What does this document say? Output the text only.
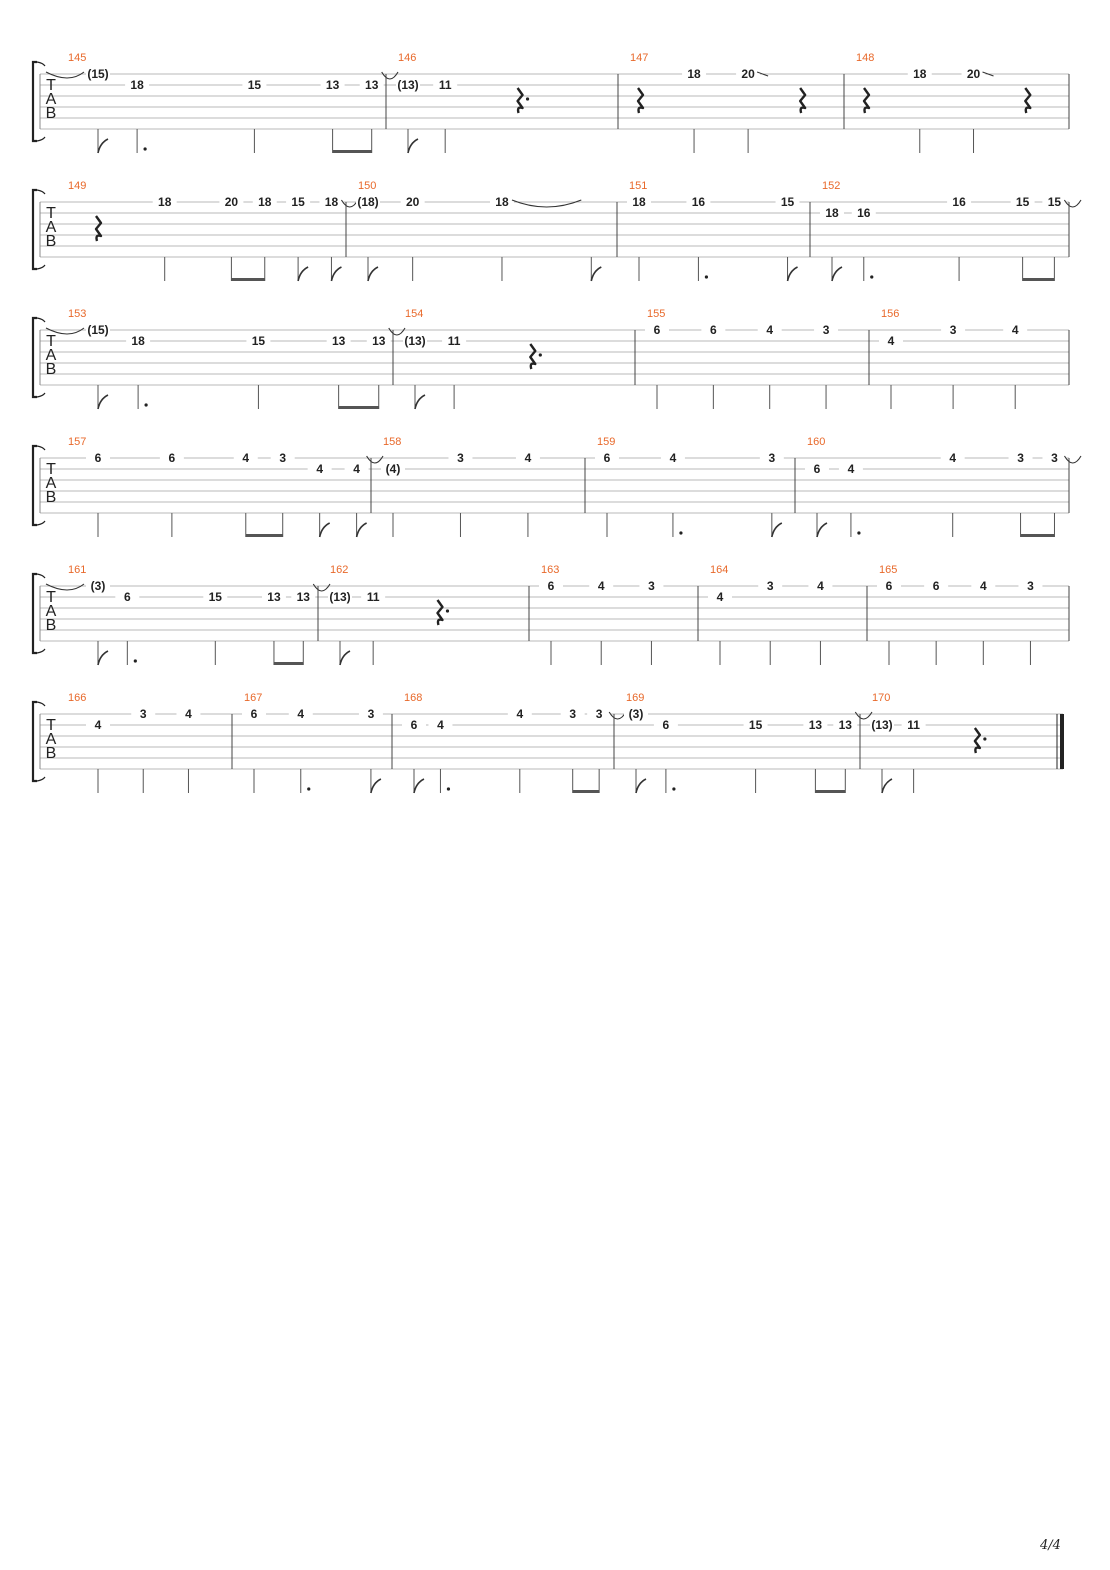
T
A
B
145
(15)
18	15	13 13
146
(13) 11
147
18	20
148
18	20
T
A
B
149
18	20 18 15 18
150
(18) 20	18
151
18	16	15
152
18 16
16	15 15
T
A
B
153
(15)
18	15	13 13
154
(13) 11
155
6	6	4	3
156
4
3	4
T
A
B
157
6	6	4	3
4	4
158
(4)
3	4
159
6	4	3
160
6 4
4	3 3
T
A
B
161
(3)
6	15	13 13
162
(13) 11
163
6	4	3
164
4
3	4
165
6	6	4	3
T
A
B
166
4
3	4
167
6	4	3
168
6 4
4	3 3
169
(3)
6	15	13 13
170
(13) 11
4/4
